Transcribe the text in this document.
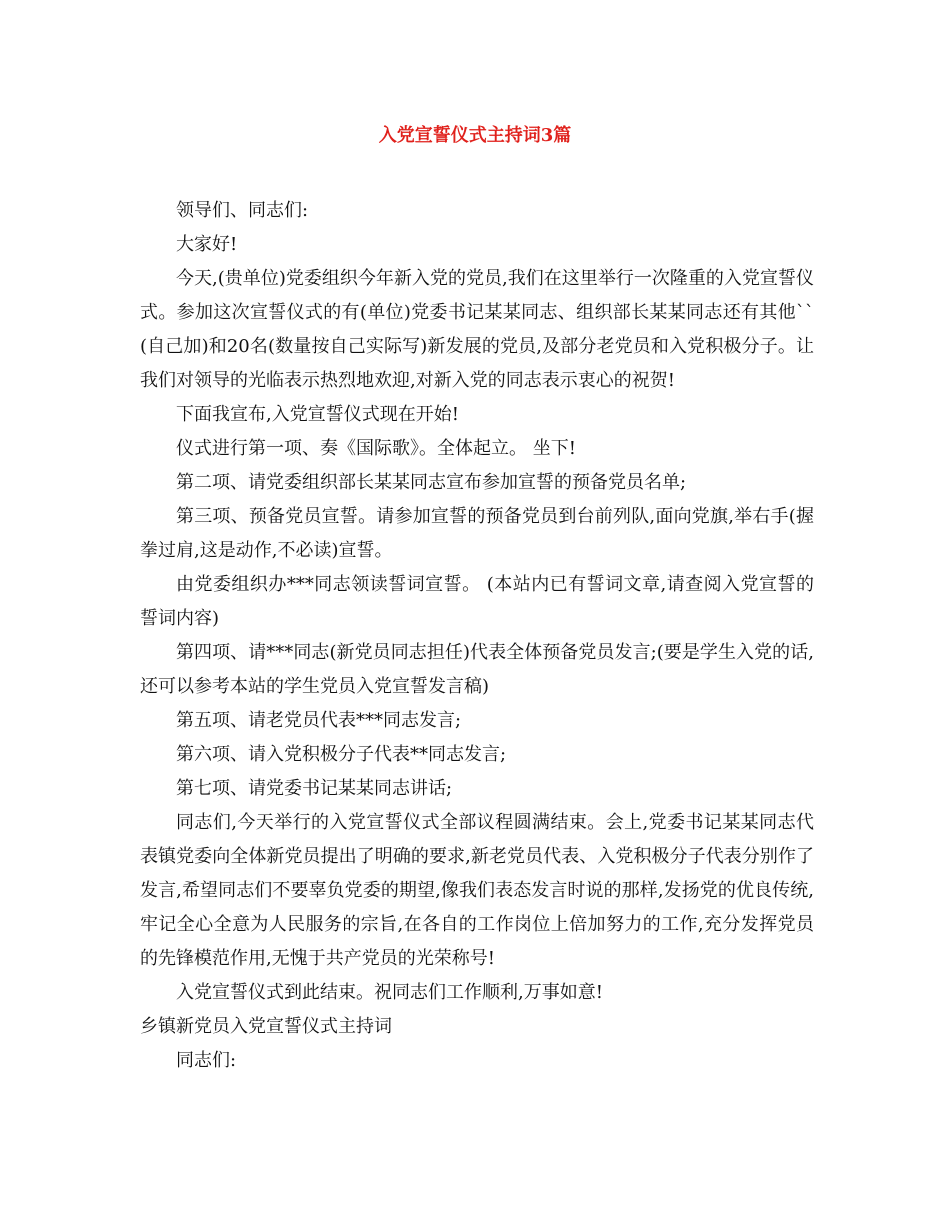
入党宣誓仪式主持词3篇

领导们、同志们:

大家好!

今天,(贵单位)党委组织今年新入党的党员,我们在这里举行一次隆重的入党宣誓仪式。参加这次宣誓仪式的有(单位)党委书记某某同志、组织部长某某同志还有其他``(自己加)和20名(数量按自己实际写)新发展的党员,及部分老党员和入党积极分子。让我们对领导的光临表示热烈地欢迎,对新入党的同志表示衷心的祝贺!

下面我宣布,入党宣誓仪式现在开始!

仪式进行第一项、奏《国际歌》。全体起立。 坐下!

第二项、请党委组织部长某某同志宣布参加宣誓的预备党员名单;

第三项、预备党员宣誓。请参加宣誓的预备党员到台前列队,面向党旗,举右手(握拳过肩,这是动作,不必读)宣誓。

由党委组织办***同志领读誓词宣誓。 (本站内已有誓词文章,请查阅入党宣誓的誓词内容)

第四项、请***同志(新党员同志担任)代表全体预备党员发言;(要是学生入党的话,还可以参考本站的学生党员入党宣誓发言稿)

第五项、请老党员代表***同志发言;

第六项、请入党积极分子代表**同志发言;

第七项、请党委书记某某同志讲话;

同志们,今天举行的入党宣誓仪式全部议程圆满结束。会上,党委书记某某同志代表镇党委向全体新党员提出了明确的要求,新老党员代表、入党积极分子代表分别作了发言,希望同志们不要辜负党委的期望,像我们表态发言时说的那样,发扬党的优良传统,牢记全心全意为人民服务的宗旨,在各自的工作岗位上倍加努力的工作,充分发挥党员的先锋模范作用,无愧于共产党员的光荣称号!

入党宣誓仪式到此结束。祝同志们工作顺利,万事如意!

乡镇新党员入党宣誓仪式主持词

同志们:
